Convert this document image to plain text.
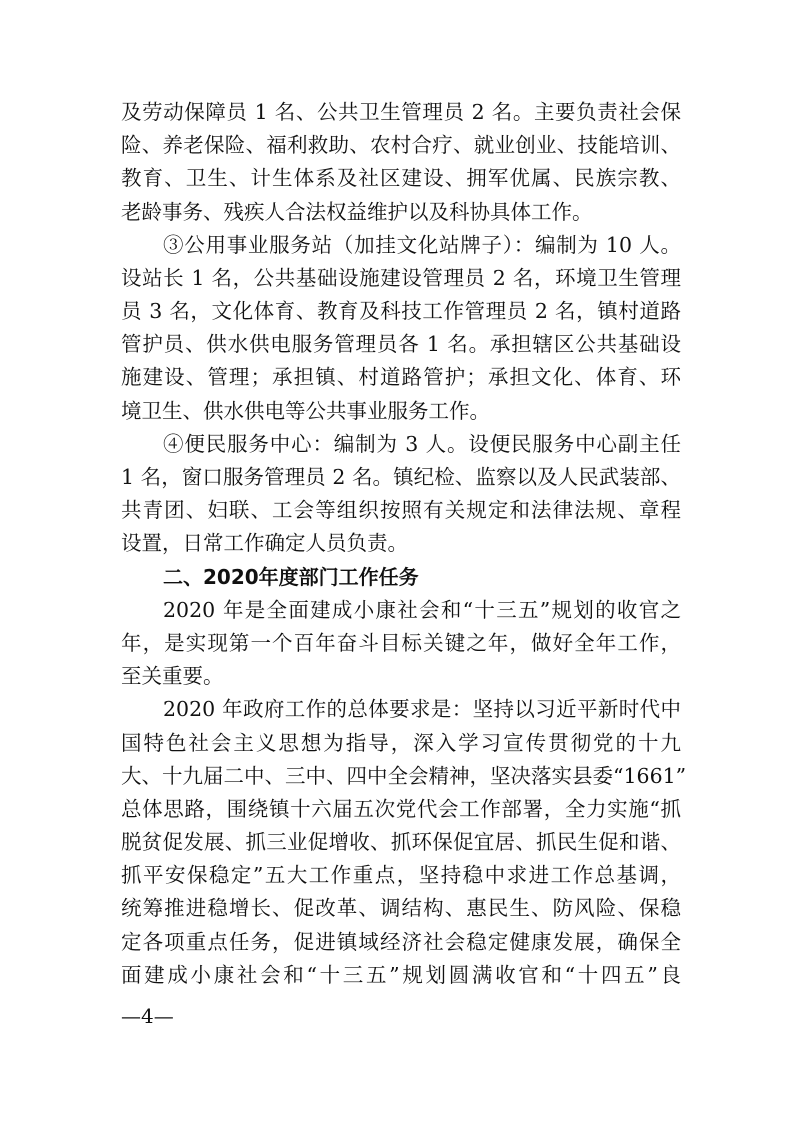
及劳动保障员 1 名、公共卫生管理员 2 名。主要负责社会保
险、养老保险、福利救助、农村合疗、就业创业、技能培训、
教育、卫生、计生体系及社区建设、拥军优属、民族宗教、
老龄事务、残疾人合法权益维护以及科协具体工作。
③公用事业服务站（加挂文化站牌子）：编制为 10 人。
设站长 1 名，公共基础设施建设管理员 2 名，环境卫生管理
员 3 名，文化体育、教育及科技工作管理员 2 名，镇村道路
管护员、供水供电服务管理员各 1 名。承担辖区公共基础设
施建设、管理；承担镇、村道路管护；承担文化、体育、环
境卫生、供水供电等公共事业服务工作。
④便民服务中心：编制为 3 人。设便民服务中心副主任
1 名，窗口服务管理员 2 名。镇纪检、监察以及人民武装部、
共青团、妇联、工会等组织按照有关规定和法律法规、章程
设置，日常工作确定人员负责。
二、2020年度部门工作任务
2020 年是全面建成小康社会和“十三五”规划的收官之
年，是实现第一个百年奋斗目标关键之年，做好全年工作，
至关重要。
2020 年政府工作的总体要求是：坚持以习近平新时代中
国特色社会主义思想为指导，深入学习宣传贯彻党的十九
大、十九届二中、三中、四中全会精神，坚决落实县委“1661”
总体思路，围绕镇十六届五次党代会工作部署，全力实施“抓
脱贫促发展、抓三业促增收、抓环保促宜居、抓民生促和谐、
抓平安保稳定”五大工作重点，坚持稳中求进工作总基调，
统筹推进稳增长、促改革、调结构、惠民生、防风险、保稳
定各项重点任务，促进镇域经济社会稳定健康发展，确保全
面建成小康社会和“十三五”规划圆满收官和“十四五”良
—4—
